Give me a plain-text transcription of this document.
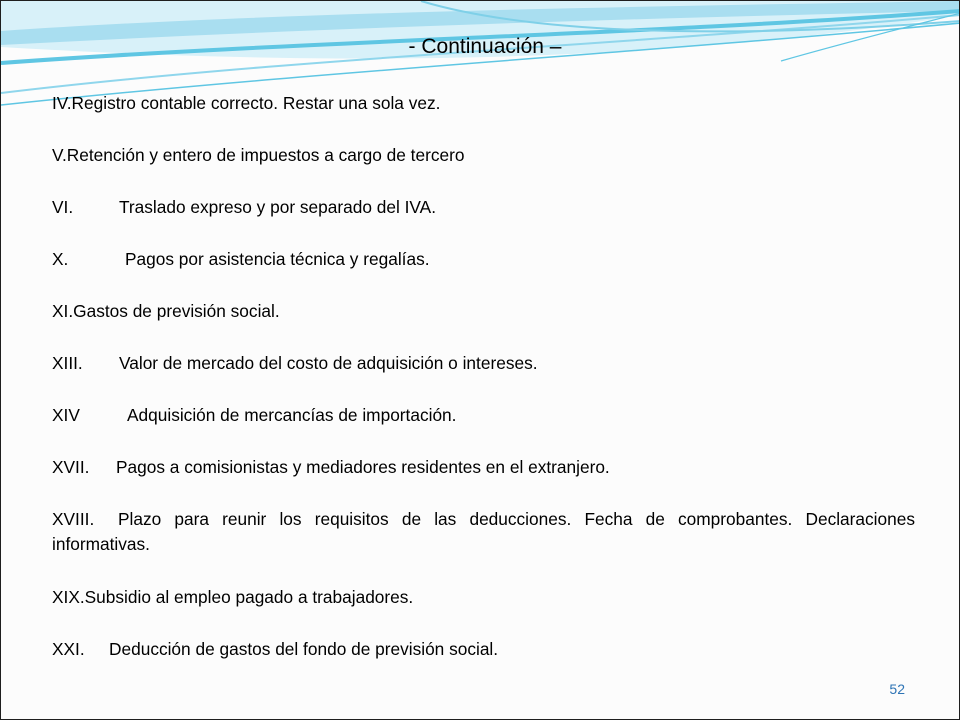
- Continuación –
IV.Registro contable correcto. Restar una sola vez.
V.Retención y entero de impuestos a cargo de tercero
VI.	Traslado expreso y por separado del IVA.
X.	Pagos por asistencia técnica y regalías.
XI.Gastos de previsión social.
XIII. Valor de mercado del costo de adquisición o intereses.
XIV	Adquisición de mercancías de importación.
XVII. Pagos a comisionistas y mediadores residentes en el extranjero.
XVIII. Plazo para reunir los requisitos de las deducciones. Fecha de comprobantes. Declaraciones informativas.
XIX.Subsidio al empleo pagado a trabajadores.
XXI. Deducción de gastos del fondo de previsión social.
52
